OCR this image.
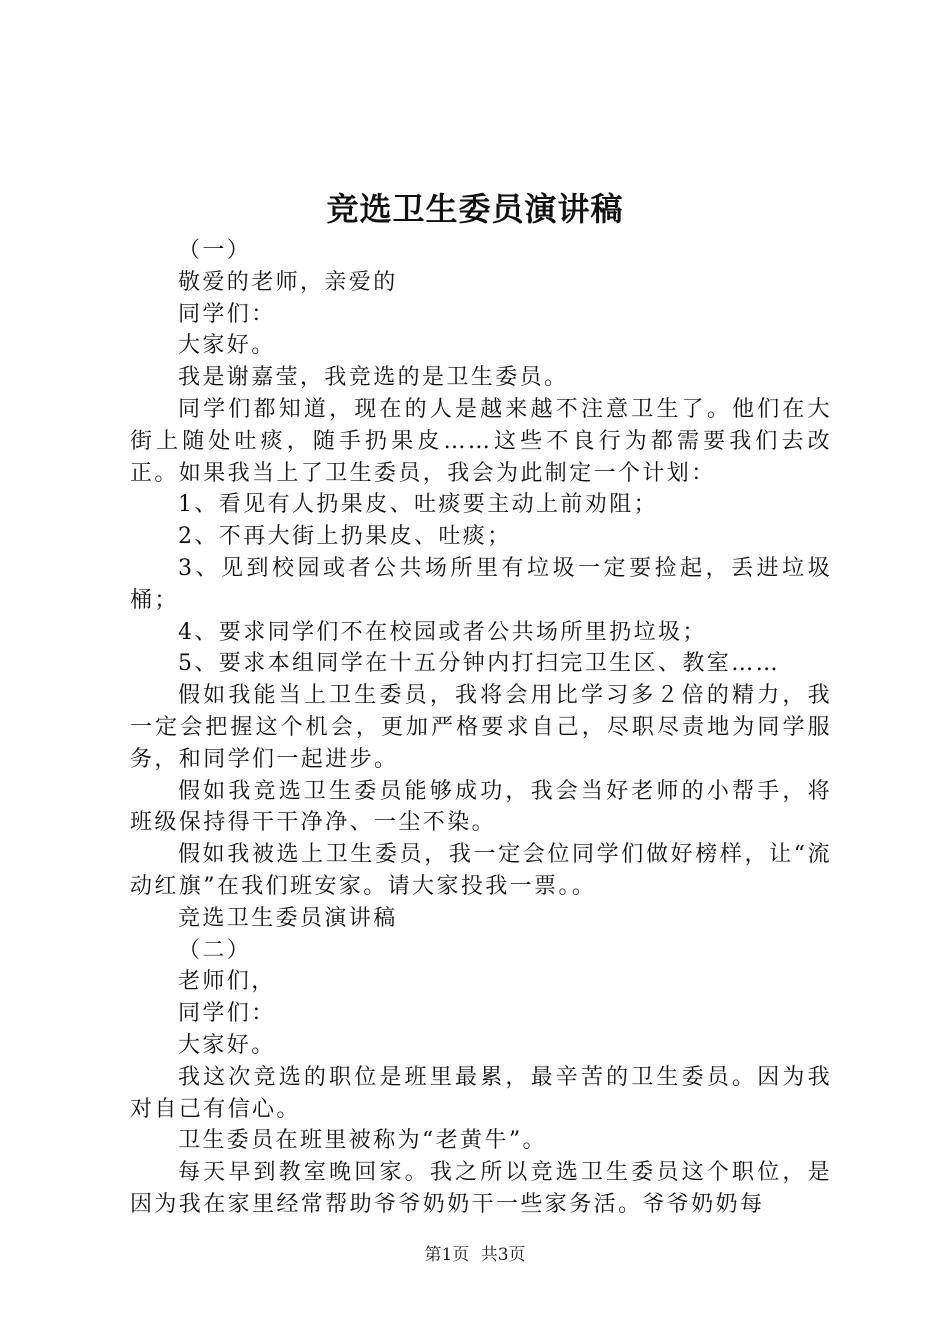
竞选卫生委员演讲稿

（一）

敬爱的老师，亲爱的

同学们：

大家好。

我是谢嘉莹，我竞选的是卫生委员。

同学们都知道，现在的人是越来越不注意卫生了。他们在大街上随处吐痰，随手扔果皮……这些不良行为都需要我们去改正。如果我当上了卫生委员，我会为此制定一个计划：

1、看见有人扔果皮、吐痰要主动上前劝阻；

2、不再大街上扔果皮、吐痰；

3、见到校园或者公共场所里有垃圾一定要捡起，丢进垃圾桶；

4、要求同学们不在校园或者公共场所里扔垃圾；

5、要求本组同学在十五分钟内打扫完卫生区、教室……

假如我能当上卫生委员，我将会用比学习多２倍的精力，我一定会把握这个机会，更加严格要求自己，尽职尽责地为同学服务，和同学们一起进步。

假如我竞选卫生委员能够成功，我会当好老师的小帮手，将班级保持得干干净净、一尘不染。

假如我被选上卫生委员，我一定会位同学们做好榜样，让“流动红旗”在我们班安家。请大家投我一票。。

竞选卫生委员演讲稿

（二）

老师们，

同学们：

大家好。

我这次竞选的职位是班里最累，最辛苦的卫生委员。因为我对自己有信心。

卫生委员在班里被称为“老黄牛”。

每天早到教室晚回家。我之所以竞选卫生委员这个职位，是因为我在家里经常帮助爷爷奶奶干一些家务活。爷爷奶奶每

第1页 共3页
